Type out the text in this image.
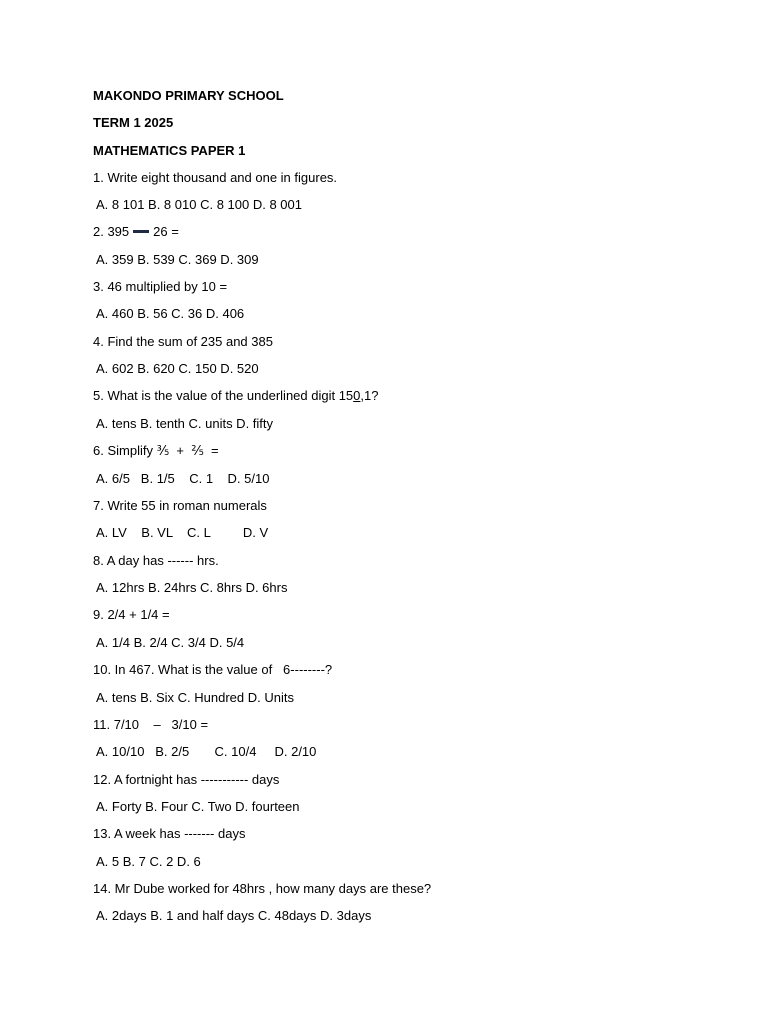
MAKONDO PRIMARY SCHOOL
TERM 1 2025
MATHEMATICS PAPER 1
1. Write eight thousand and one in figures.
A. 8 101 B. 8 010 C. 8 100 D. 8 001
2. 395 26 =
A. 359 B. 539 C. 369 D. 309
3. 46 multiplied by 10 =
A. 460 B. 56 C. 36 D. 406
4. Find the sum of 235 and 385
A. 602 B. 620 C. 150 D. 520
5. What is the value of the underlined digit 150,1?
A. tens B. tenth C. units D. fifty
6. Simplify ⅗  +  ⅖  =
A. 6/5   B. 1/5    C. 1    D. 5/10
7. Write 55 in roman numerals
A. LV    B. VL    C. L         D. V
8. A day has ------ hrs.
A. 12hrs B. 24hrs C. 8hrs D. 6hrs
9. 2/4 + 1/4 =
A. 1/4 B. 2/4 C. 3/4 D. 5/4
10. In 467. What is the value of   6--------?
A. tens B. Six C. Hundred D. Units
11. 7/10    –   3/10 =
A. 10/10   B. 2/5       C. 10/4     D. 2/10
12. A fortnight has ----------- days
A. Forty B. Four C. Two D. fourteen
13. A week has ------- days
A. 5 B. 7 C. 2 D. 6
14. Mr Dube worked for 48hrs , how many days are these?
A. 2days B. 1 and half days C. 48days D. 3days
